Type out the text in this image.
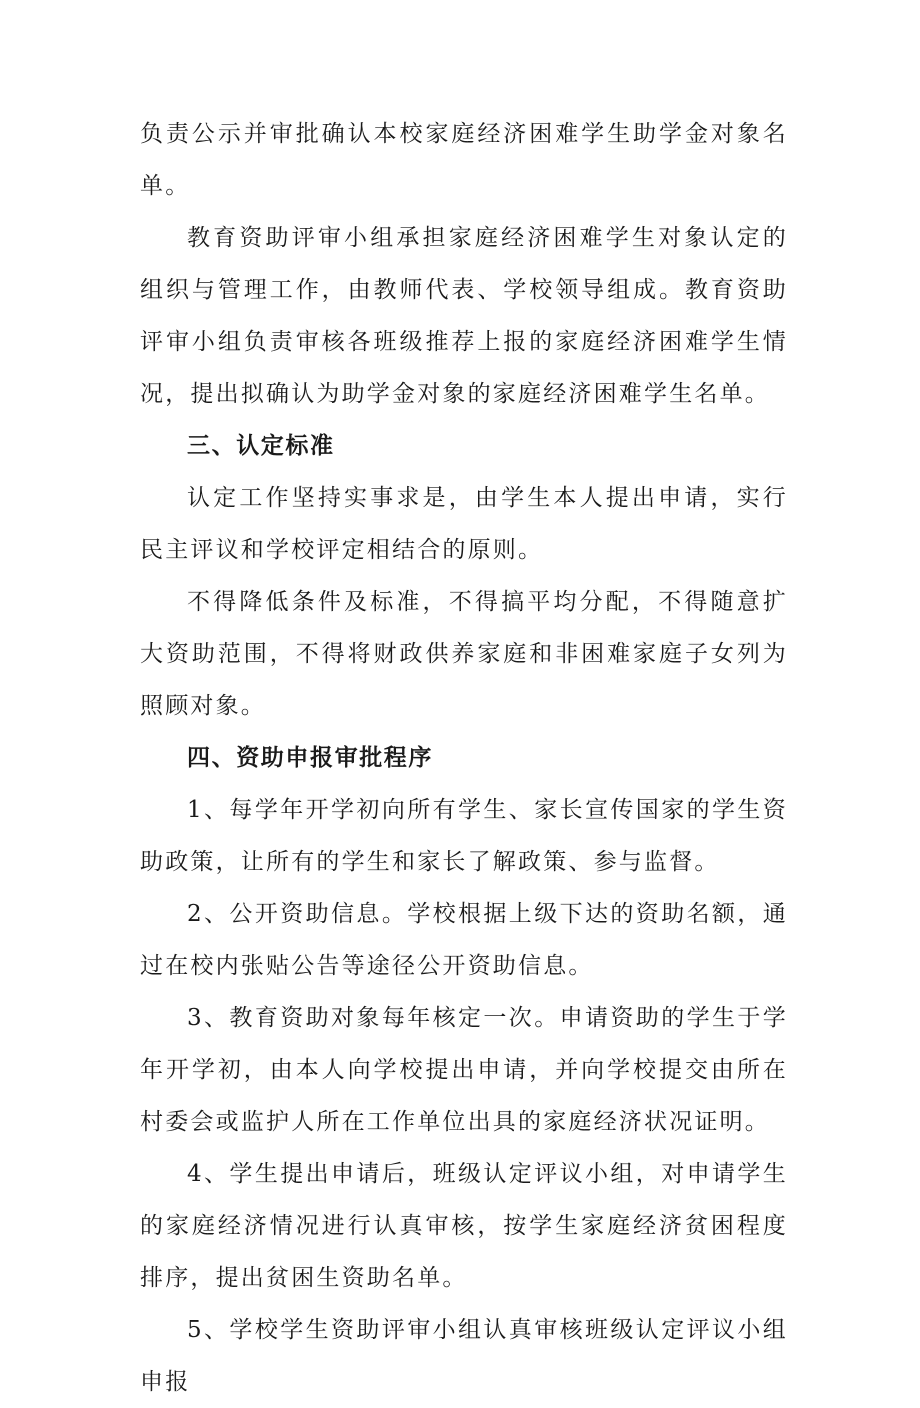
负责公示并审批确认本校家庭经济困难学生助学金对象名单。

教育资助评审小组承担家庭经济困难学生对象认定的组织与管理工作，由教师代表、学校领导组成。教育资助评审小组负责审核各班级推荐上报的家庭经济困难学生情况，提出拟确认为助学金对象的家庭经济困难学生名单。

三、认定标准

认定工作坚持实事求是，由学生本人提出申请，实行民主评议和学校评定相结合的原则。

不得降低条件及标准，不得搞平均分配，不得随意扩大资助范围，不得将财政供养家庭和非困难家庭子女列为照顾对象。

四、资助申报审批程序

1、每学年开学初向所有学生、家长宣传国家的学生资助政策，让所有的学生和家长了解政策、参与监督。

2、公开资助信息。学校根据上级下达的资助名额，通过在校内张贴公告等途径公开资助信息。

3、教育资助对象每年核定一次。申请资助的学生于学年开学初，由本人向学校提出申请，并向学校提交由所在村委会或监护人所在工作单位出具的家庭经济状况证明。

4、学生提出申请后，班级认定评议小组，对申请学生的家庭经济情况进行认真审核，按学生家庭经济贫困程度排序，提出贫困生资助名单。

5、学校学生资助评审小组认真审核班级认定评议小组申报
